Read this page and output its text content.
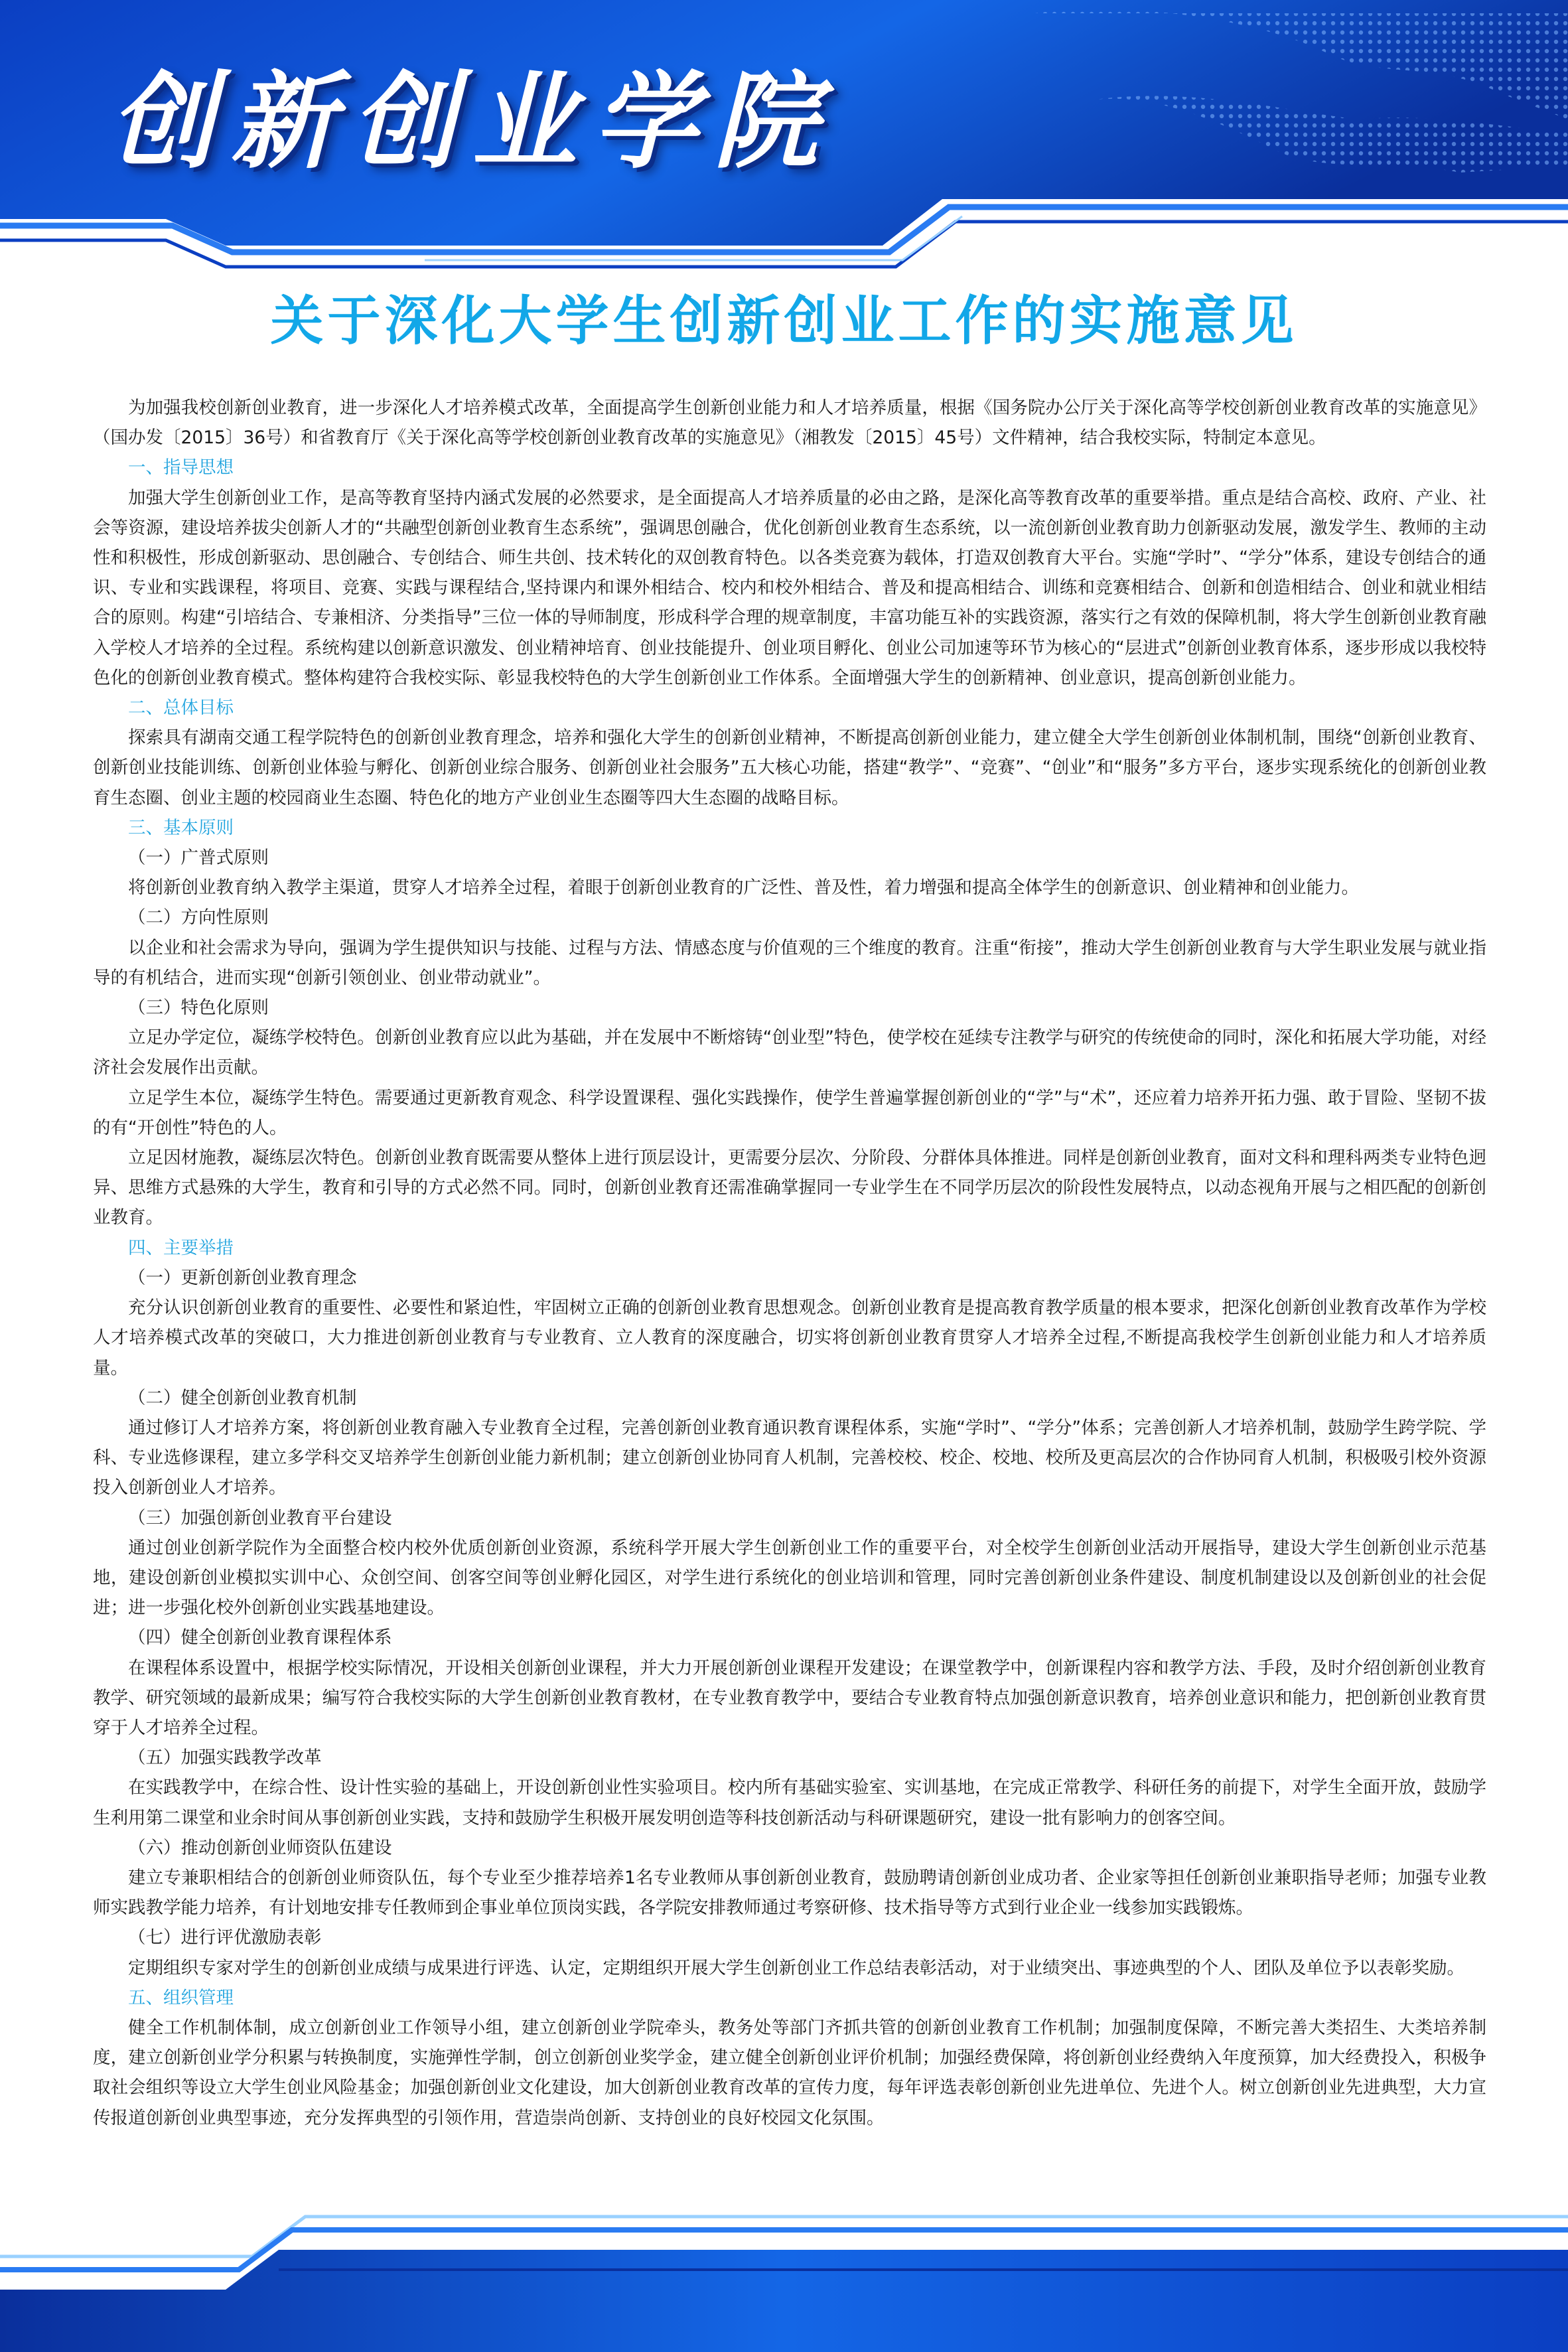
创新创业学院
关于深化大学生创新创业工作的实施意见

为加强我校创新创业教育，进一步深化人才培养模式改革，全面提高学生创新创业能力和人才培养质量，根据《国务院办公厅关于深化高等学校创新创业教育改革的实施意见》（国办发〔2015〕36号）和省教育厅《关于深化高等学校创新创业教育改革的实施意见》（湘教发〔2015〕45号）文件精神，结合我校实际，特制定本意见。

一、指导思想

加强大学生创新创业工作，是高等教育坚持内涵式发展的必然要求，是全面提高人才培养质量的必由之路，是深化高等教育改革的重要举措。重点是结合高校、政府、产业、社会等资源，建设培养拔尖创新人才的“共融型创新创业教育生态系统”，强调思创融合，优化创新创业教育生态系统，以一流创新创业教育助力创新驱动发展，激发学生、教师的主动性和积极性，形成创新驱动、思创融合、专创结合、师生共创、技术转化的双创教育特色。以各类竞赛为载体，打造双创教育大平台。实施“学时”、“学分”体系，建设专创结合的通识、专业和实践课程，将项目、竞赛、实践与课程结合,坚持课内和课外相结合、校内和校外相结合、普及和提高相结合、训练和竞赛相结合、创新和创造相结合、创业和就业相结合的原则。构建“引培结合、专兼相济、分类指导”三位一体的导师制度，形成科学合理的规章制度，丰富功能互补的实践资源，落实行之有效的保障机制，将大学生创新创业教育融入学校人才培养的全过程。系统构建以创新意识激发、创业精神培育、创业技能提升、创业项目孵化、创业公司加速等环节为核心的“层进式”创新创业教育体系，逐步形成以我校特色化的创新创业教育模式。整体构建符合我校实际、彰显我校特色的大学生创新创业工作体系。全面增强大学生的创新精神、创业意识，提高创新创业能力。

二、总体目标

探索具有湖南交通工程学院特色的创新创业教育理念，培养和强化大学生的创新创业精神，不断提高创新创业能力，建立健全大学生创新创业体制机制，围绕“创新创业教育、创新创业技能训练、创新创业体验与孵化、创新创业综合服务、创新创业社会服务”五大核心功能，搭建“教学”、“竞赛”、“创业”和“服务”多方平台，逐步实现系统化的创新创业教育生态圈、创业主题的校园商业生态圈、特色化的地方产业创业生态圈等四大生态圈的战略目标。

三、基本原则
（一）广普式原则

将创新创业教育纳入教学主渠道，贯穿人才培养全过程，着眼于创新创业教育的广泛性、普及性，着力增强和提高全体学生的创新意识、创业精神和创业能力。

（二）方向性原则

以企业和社会需求为导向，强调为学生提供知识与技能、过程与方法、情感态度与价值观的三个维度的教育。注重“衔接”，推动大学生创新创业教育与大学生职业发展与就业指导的有机结合，进而实现“创新引领创业、创业带动就业”。

（三）特色化原则

立足办学定位，凝练学校特色。创新创业教育应以此为基础，并在发展中不断熔铸“创业型”特色，使学校在延续专注教学与研究的传统使命的同时，深化和拓展大学功能，对经济社会发展作出贡献。

立足学生本位，凝练学生特色。需要通过更新教育观念、科学设置课程、强化实践操作，使学生普遍掌握创新创业的“学”与“术”，还应着力培养开拓力强、敢于冒险、坚韧不拔的有“开创性”特色的人。

立足因材施教，凝练层次特色。创新创业教育既需要从整体上进行顶层设计，更需要分层次、分阶段、分群体具体推进。同样是创新创业教育，面对文科和理科两类专业特色迥异、思维方式悬殊的大学生，教育和引导的方式必然不同。同时，创新创业教育还需准确掌握同一专业学生在不同学历层次的阶段性发展特点，以动态视角开展与之相匹配的创新创业教育。

四、主要举措
（一）更新创新创业教育理念

充分认识创新创业教育的重要性、必要性和紧迫性，牢固树立正确的创新创业教育思想观念。创新创业教育是提高教育教学质量的根本要求，把深化创新创业教育改革作为学校人才培养模式改革的突破口，大力推进创新创业教育与专业教育、立人教育的深度融合，切实将创新创业教育贯穿人才培养全过程,不断提高我校学生创新创业能力和人才培养质量。

（二）健全创新创业教育机制

通过修订人才培养方案，将创新创业教育融入专业教育全过程，完善创新创业教育通识教育课程体系，实施“学时”、“学分”体系；完善创新人才培养机制，鼓励学生跨学院、学科、专业选修课程，建立多学科交叉培养学生创新创业能力新机制；建立创新创业协同育人机制，完善校校、校企、校地、校所及更高层次的合作协同育人机制，积极吸引校外资源投入创新创业人才培养。

（三）加强创新创业教育平台建设

通过创业创新学院作为全面整合校内校外优质创新创业资源，系统科学开展大学生创新创业工作的重要平台，对全校学生创新创业活动开展指导，建设大学生创新创业示范基地，建设创新创业模拟实训中心、众创空间、创客空间等创业孵化园区，对学生进行系统化的创业培训和管理，同时完善创新创业条件建设、制度机制建设以及创新创业的社会促进；进一步强化校外创新创业实践基地建设。

（四）健全创新创业教育课程体系

在课程体系设置中，根据学校实际情况，开设相关创新创业课程，并大力开展创新创业课程开发建设；在课堂教学中，创新课程内容和教学方法、手段，及时介绍创新创业教育教学、研究领域的最新成果；编写符合我校实际的大学生创新创业教育教材，在专业教育教学中，要结合专业教育特点加强创新意识教育，培养创业意识和能力，把创新创业教育贯穿于人才培养全过程。

（五）加强实践教学改革

在实践教学中，在综合性、设计性实验的基础上，开设创新创业性实验项目。校内所有基础实验室、实训基地，在完成正常教学、科研任务的前提下，对学生全面开放，鼓励学生利用第二课堂和业余时间从事创新创业实践，支持和鼓励学生积极开展发明创造等科技创新活动与科研课题研究，建设一批有影响力的创客空间。

（六）推动创新创业师资队伍建设

建立专兼职相结合的创新创业师资队伍，每个专业至少推荐培养1名专业教师从事创新创业教育，鼓励聘请创新创业成功者、企业家等担任创新创业兼职指导老师；加强专业教师实践教学能力培养，有计划地安排专任教师到企事业单位顶岗实践，各学院安排教师通过考察研修、技术指导等方式到行业企业一线参加实践锻炼。

（七）进行评优激励表彰

定期组织专家对学生的创新创业成绩与成果进行评选、认定，定期组织开展大学生创新创业工作总结表彰活动，对于业绩突出、事迹典型的个人、团队及单位予以表彰奖励。

五、组织管理

健全工作机制体制，成立创新创业工作领导小组，建立创新创业学院牵头，教务处等部门齐抓共管的创新创业教育工作机制；加强制度保障，不断完善大类招生、大类培养制度，建立创新创业学分积累与转换制度，实施弹性学制，创立创新创业奖学金，建立健全创新创业评价机制；加强经费保障，将创新创业经费纳入年度预算，加大经费投入，积极争取社会组织等设立大学生创业风险基金；加强创新创业文化建设，加大创新创业教育改革的宣传力度，每年评选表彰创新创业先进单位、先进个人。树立创新创业先进典型，大力宣传报道创新创业典型事迹，充分发挥典型的引领作用，营造崇尚创新、支持创业的良好校园文化氛围。
